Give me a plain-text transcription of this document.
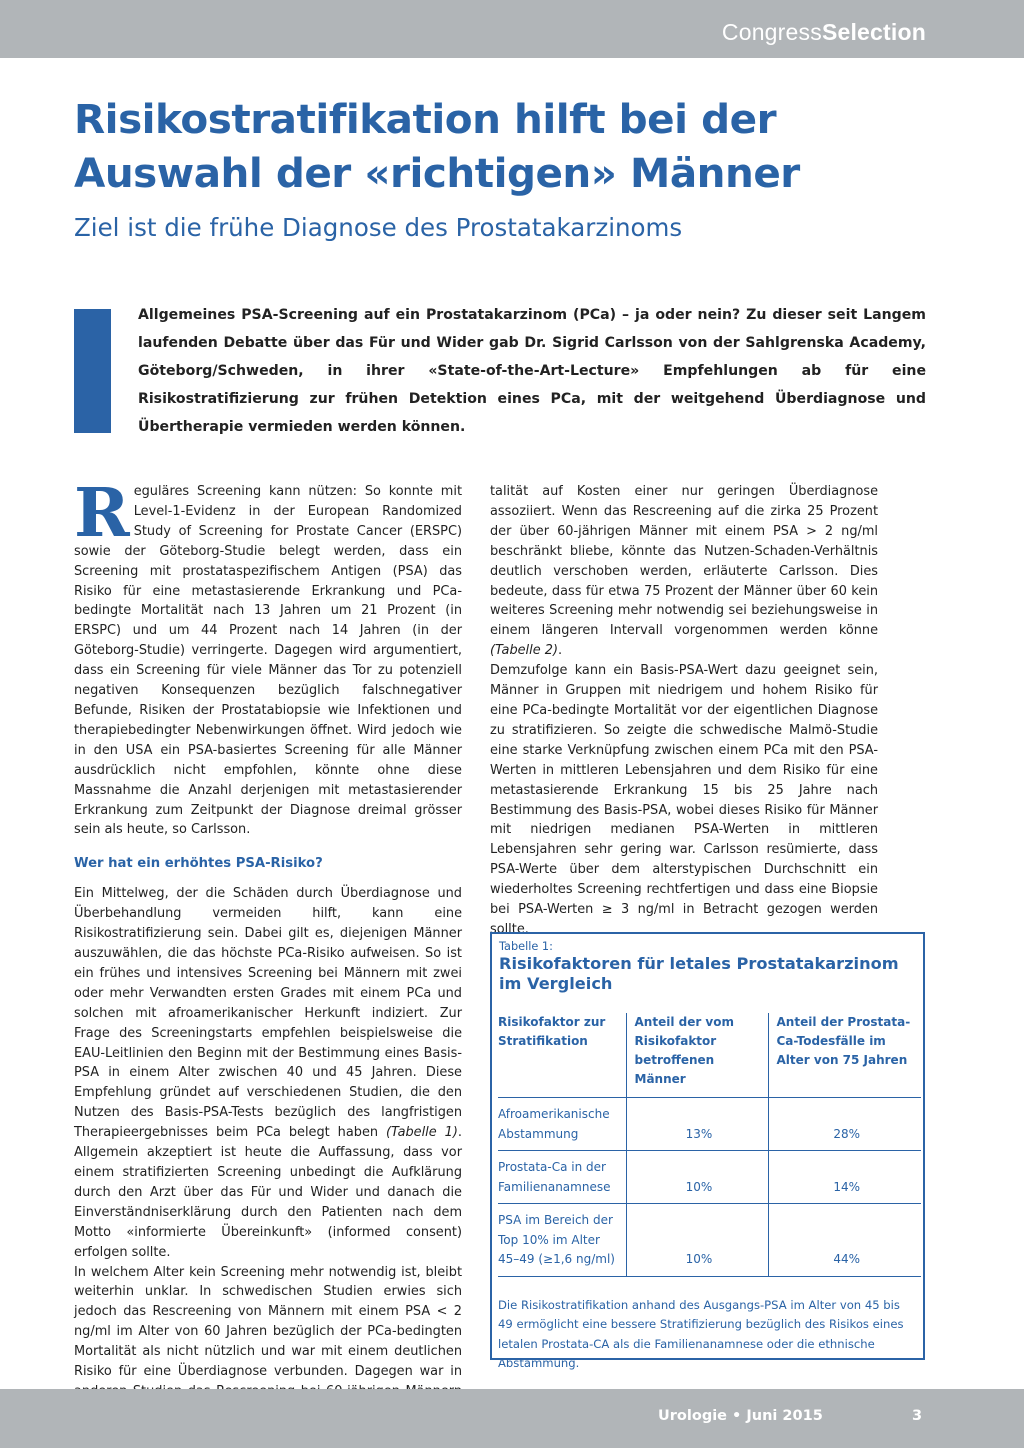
CongressSelection
Risikostratifikation hilft bei der Auswahl der «richtigen» Männer
Ziel ist die frühe Diagnose des Prostatakarzinoms
Allgemeines PSA-Screening auf ein Prostatakarzinom (PCa) – ja oder nein? Zu dieser seit Langem laufenden Debatte über das Für und Wider gab Dr. Sigrid Carlsson von der Sahlgrenska Academy, Göteborg/Schweden, in ihrer «State-of-the-Art-Lecture» Empfehlungen ab für eine Risikostratifizierung zur frühen Detektion eines PCa, mit der weitgehend Überdiagnose und Übertherapie vermieden werden können.

Reguläres Screening kann nützen: So konnte mit Level-1-Evidenz in der European Randomized Study of Screening for Prostate Cancer (ERSPC) sowie der Göteborg-Studie belegt werden, dass ein Screening mit prostataspezifischem Antigen (PSA) das Risiko für eine metastasierende Erkrankung und PCa-bedingte Mortalität nach 13 Jahren um 21 Prozent (in ERSPC) und um 44 Prozent nach 14 Jahren (in der Göteborg-Studie) verringerte. Dagegen wird argumentiert, dass ein Screening für viele Männer das Tor zu potenziell negativen Konsequenzen bezüglich falschnegativer Befunde, Risiken der Prostatabiopsie wie Infektionen und therapiebedingter Nebenwirkungen öffnet. Wird jedoch wie in den USA ein PSA-basiertes Screening für alle Männer ausdrücklich nicht empfohlen, könnte ohne diese Massnahme die Anzahl derjenigen mit metastasierender Erkrankung zum Zeitpunkt der Diagnose dreimal grösser sein als heute, so Carlsson.

Wer hat ein erhöhtes PSA-Risiko?

Ein Mittelweg, der die Schäden durch Überdiagnose und Überbehandlung vermeiden hilft, kann eine Risikostratifizierung sein. Dabei gilt es, diejenigen Männer auszuwählen, die das höchste PCa-Risiko aufweisen. So ist ein frühes und intensives Screening bei Männern mit zwei oder mehr Verwandten ersten Grades mit einem PCa und solchen mit afroamerikanischer Herkunft indiziert. Zur Frage des Screeningstarts empfehlen beispielsweise die EAU-Leitlinien den Beginn mit der Bestimmung eines Basis-PSA in einem Alter zwischen 40 und 45 Jahren. Diese Empfehlung gründet auf verschiedenen Studien, die den Nutzen des Basis-PSA-Tests bezüglich des langfristigen Therapieergebnisses beim PCa belegt haben (Tabelle 1). Allgemein akzeptiert ist heute die Auffassung, dass vor einem stratifizierten Screening unbedingt die Aufklärung durch den Arzt über das Für und Wider und danach die Einverständniserklärung durch den Patienten nach dem Motto «informierte Übereinkunft» (informed consent) erfolgen sollte.

In welchem Alter kein Screening mehr notwendig ist, bleibt weiterhin unklar. In schwedischen Studien erwies sich jedoch das Rescreening von Männern mit einem PSA < 2 ng/ml im Alter von 60 Jahren bezüglich der PCa-bedingten Mortalität als nicht nützlich und war mit einem deutlichen Risiko für eine Überdiagnose verbunden. Dagegen war in

talität auf Kosten einer nur geringen Überdiagnose assoziiert. Wenn das Rescreening auf die zirka 25 Prozent der über 60-jährigen Männer mit einem PSA > 2 ng/ml beschränkt bliebe, könnte das Nutzen-Schaden-Verhältnis deutlich verschoben werden, erläuterte Carlsson. Dies bedeute, dass für etwa 75 Prozent der Männer über 60 kein weiteres Screening mehr notwendig sei beziehungsweise in einem längeren Intervall vorgenommen werden könne (Tabelle 2).

Demzufolge kann ein Basis-PSA-Wert dazu geeignet sein, Männer in Gruppen mit niedrigem und hohem Risiko für eine PCa-bedingte Mortalität vor der eigentlichen Diagnose zu stratifizieren. So zeigte die schwedische Malmö-Studie eine starke Verknüpfung zwischen einem PCa mit den PSA-Werten in mittleren Lebensjahren und dem Risiko für eine metastasierende Erkrankung 15 bis 25 Jahre nach Bestimmung des Basis-PSA, wobei dieses Risiko für Männer mit niedrigen medianen PSA-Werten in mittleren Lebensjahren sehr gering war. Carlsson resümierte, dass PSA-Werte über dem alterstypischen Durchschnitt ein wiederholtes Screening rechtfertigen und dass eine Biopsie bei PSA-Werten ≥ 3 ng/ml in Betracht gezogen werden sollte.

Tabelle 1:
Risikofaktoren für letales Prostatakarzinom im Vergleich
Risikofaktor zur Stratifikation	Anteil der vom Risikofaktor betroffenen Männer	Anteil der Prostata-Ca-Todesfälle im Alter von 75 Jahren
Afroamerikanische Abstammung	13%	28%
Prostata-Ca in der Familienanamnese	10%	14%
PSA im Bereich der Top 10% im Alter 45–49 (≥1,6 ng/ml)	10%	44%
Die Risikostratifikation anhand des Ausgangs-PSA im Alter von 45 bis 49 ermöglicht eine bessere Stratifizierung bezüglich des Risikos eines letalen Prostata-CA als die Familienanamnese oder die ethnische Abstammung.
Urologie • Juni 2015	3
